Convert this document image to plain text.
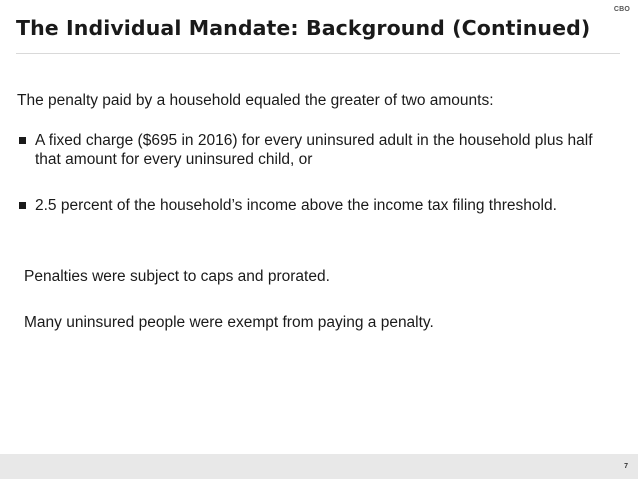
CBO
The Individual Mandate: Background (Continued)

The penalty paid by a household equaled the greater of two amounts:

A fixed charge ($695 in 2016) for every uninsured adult in the household plus half that amount for every uninsured child, or
2.5 percent of the household’s income above the income tax filing threshold.

Penalties were subject to caps and prorated.

Many uninsured people were exempt from paying a penalty.

7
